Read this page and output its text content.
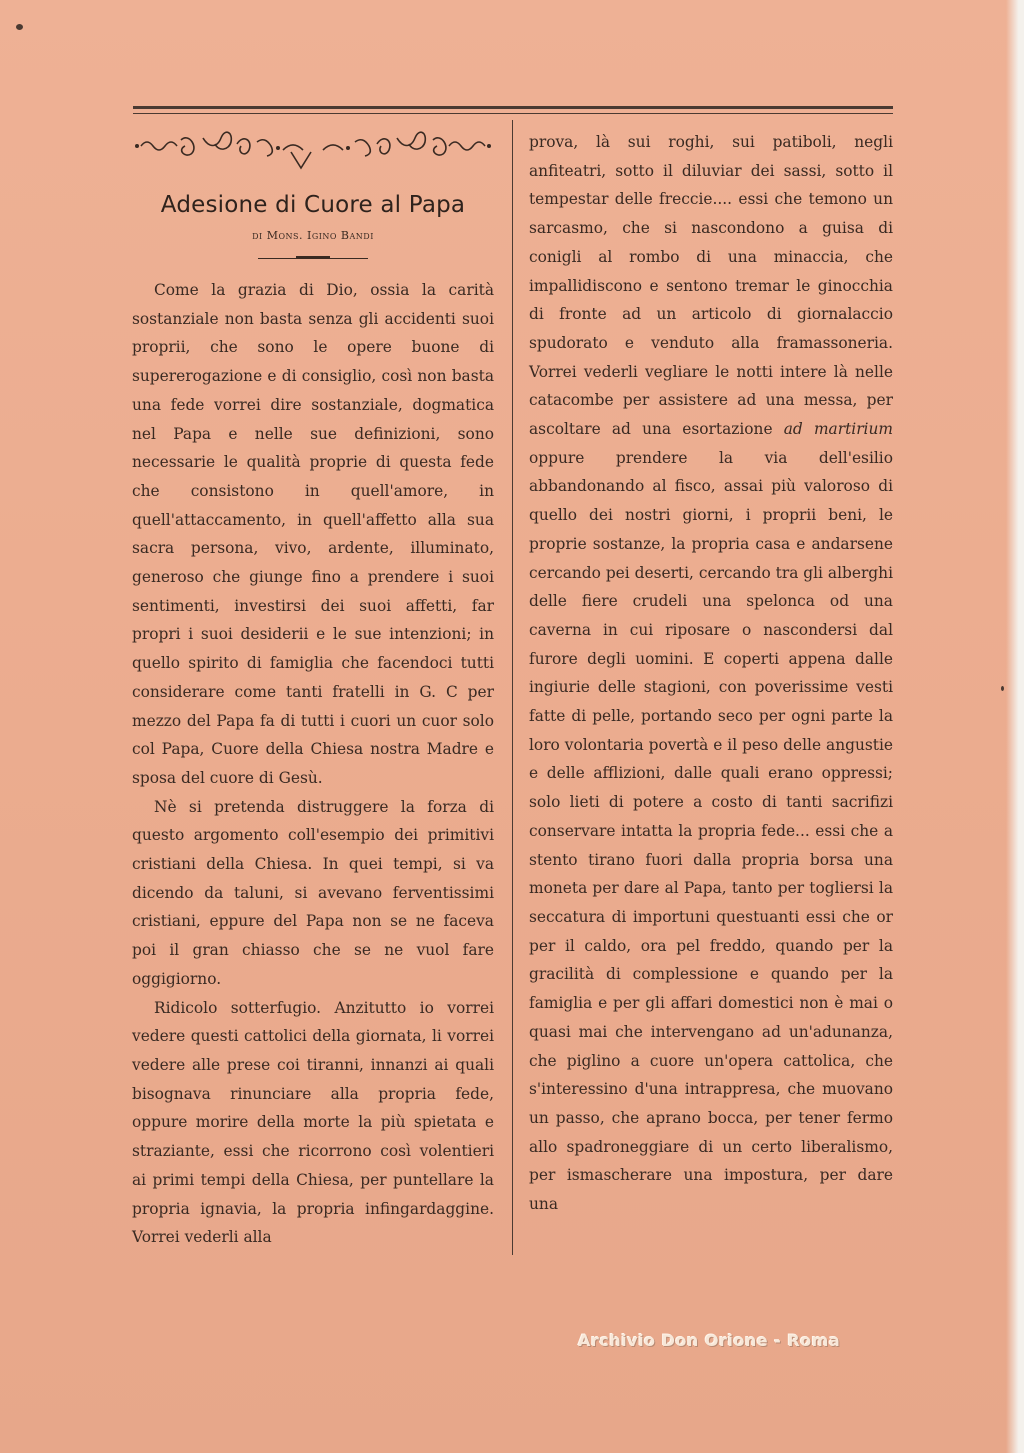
Adesione di Cuore al Papa
di Mons. Igino Bandi

Come la grazia di Dio, ossia la carità sostanziale non basta senza gli accidenti suoi proprii, che sono le opere buone di supererogazione e di consiglio, così non basta una fede vorrei dire sostanziale, dogmatica nel Papa e nelle sue definizioni, sono necessarie le qualità proprie di questa fede che consistono in quell'amore, in quell'attaccamento, in quell'affetto alla sua sacra persona, vivo, ardente, illuminato, generoso che giunge fino a prendere i suoi sentimenti, investirsi dei suoi affetti, far propri i suoi desiderii e le sue intenzioni; in quello spirito di famiglia che facendoci tutti considerare come tanti fratelli in G. C per mezzo del Papa fa di tutti i cuori un cuor solo col Papa, Cuore della Chiesa nostra Madre e sposa del cuore di Gesù.

Nè si pretenda distruggere la forza di questo argomento coll'esempio dei primitivi cristiani della Chiesa. In quei tempi, si va dicendo da taluni, si avevano ferventissimi cristiani, eppure del Papa non se ne faceva poi il gran chiasso che se ne vuol fare oggigiorno.

Ridicolo sotterfugio. Anzitutto io vorrei vedere questi cattolici della giornata, li vorrei vedere alle prese coi tiranni, innanzi ai quali bisognava rinunciare alla propria fede, oppure morire della morte la più spietata e straziante, essi che ricorrono così volentieri ai primi tempi della Chiesa, per puntellare la propria ignavia, la propria infingardaggine. Vorrei vederli alla

prova, là sui roghi, sui patiboli, negli anfiteatri, sotto il diluviar dei sassi, sotto il tempestar delle freccie.... essi che temono un sarcasmo, che si nascondono a guisa di conigli al rombo di una minaccia, che impallidiscono e sentono tremar le ginocchia di fronte ad un articolo di giornalaccio spudorato e venduto alla framassoneria. Vorrei vederli vegliare le notti intere là nelle catacombe per assistere ad una messa, per ascoltare ad una esortazione ad martirium oppure prendere la via dell'esilio abbandonando al fisco, assai più valoroso di quello dei nostri giorni, i proprii beni, le proprie sostanze, la propria casa e andarsene cercando pei deserti, cercando tra gli alberghi delle fiere crudeli una spelonca od una caverna in cui riposare o nascondersi dal furore degli uomini. E coperti appena dalle ingiurie delle stagioni, con poverissime vesti fatte di pelle, portando seco per ogni parte la loro volontaria povertà e il peso delle angustie e delle afflizioni, dalle quali erano oppressi; solo lieti di potere a costo di tanti sacrifizi conservare intatta la propria fede... essi che a stento tirano fuori dalla propria borsa una moneta per dare al Papa, tanto per togliersi la seccatura di importuni questuanti essi che or per il caldo, ora pel freddo, quando per la gracilità di complessione e quando per la famiglia e per gli affari domestici non è mai o quasi mai che intervengano ad un'adunanza, che piglino a cuore un'opera cattolica, che s'interessino d'una intrappresa, che muovano un passo, che aprano bocca, per tener fermo allo spadroneggiare di un certo liberalismo, per ismascherare una impostura, per dare una

Archivio Don Orione - Roma
